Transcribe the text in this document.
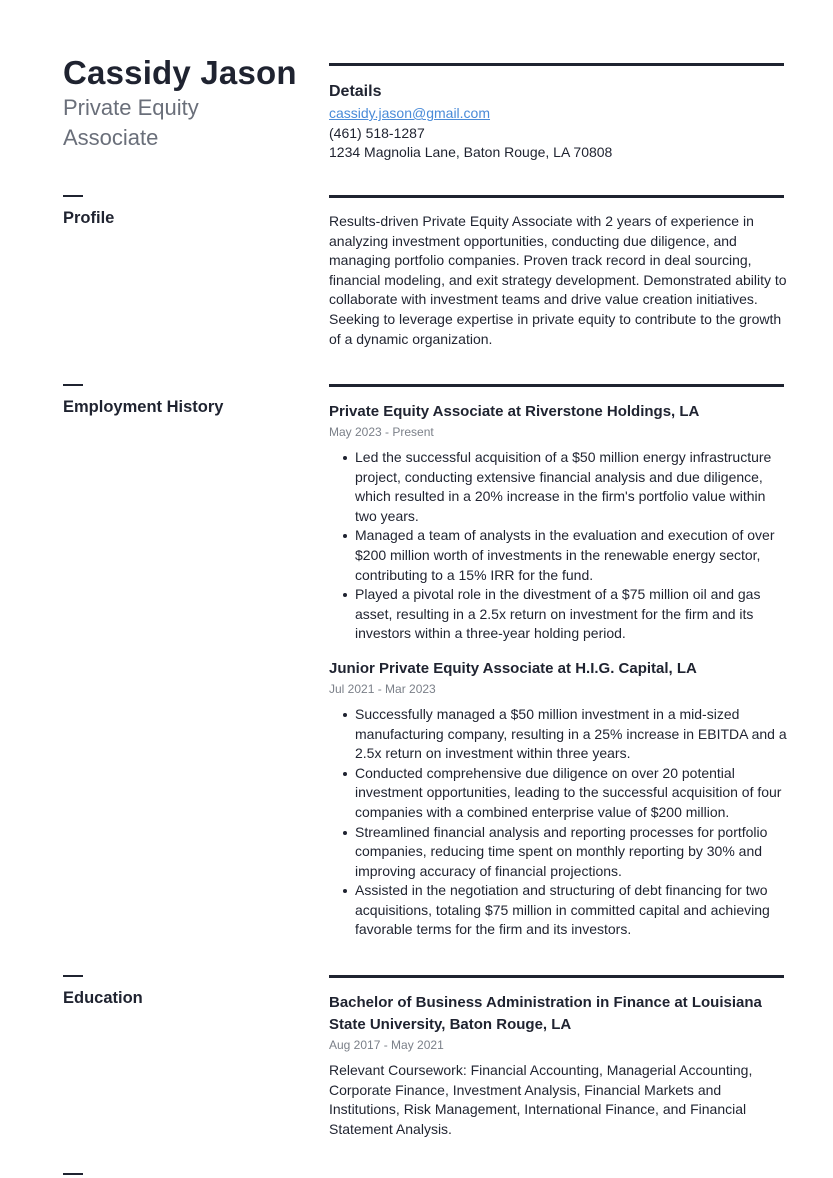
Cassidy Jason
Private Equity Associate
Details
cassidy.jason@gmail.com
(461) 518-1287
1234 Magnolia Lane, Baton Rouge, LA 70808
Profile	Results-driven Private Equity Associate with 2 years of experience in analyzing investment opportunities, conducting due diligence, and managing portfolio companies. Proven track record in deal sourcing, financial modeling, and exit strategy development. Demonstrated ability to collaborate with investment teams and drive value creation initiatives. Seeking to leverage expertise in private equity to contribute to the growth of a dynamic organization.

Employment History	Private Equity Associate at Riverstone Holdings, LA
May 2023 - Present
Led the successful acquisition of a $50 million energy infrastructure project, conducting extensive financial analysis and due diligence, which resulted in a 20% increase in the firm's portfolio value within two years.
Managed a team of analysts in the evaluation and execution of over $200 million worth of investments in the renewable energy sector, contributing to a 15% IRR for the fund.
Played a pivotal role in the divestment of a $75 million oil and gas asset, resulting in a 2.5x return on investment for the firm and its investors within a three-year holding period.
Junior Private Equity Associate at H.I.G. Capital, LA
Jul 2021 - Mar 2023
Successfully managed a $50 million investment in a mid-sized manufacturing company, resulting in a 25% increase in EBITDA and a 2.5x return on investment within three years.
Conducted comprehensive due diligence on over 20 potential investment opportunities, leading to the successful acquisition of four companies with a combined enterprise value of $200 million.
Streamlined financial analysis and reporting processes for portfolio companies, reducing time spent on monthly reporting by 30% and improving accuracy of financial projections.
Assisted in the negotiation and structuring of debt financing for two acquisitions, totaling $75 million in committed capital and achieving favorable terms for the firm and its investors.
Education	Bachelor of Business Administration in Finance at Louisiana State University, Baton Rouge, LA
Aug 2017 - May 2021

Relevant Coursework: Financial Accounting, Managerial Accounting, Corporate Finance, Investment Analysis, Financial Markets and Institutions, Risk Management, International Finance, and Financial Statement Analysis.
